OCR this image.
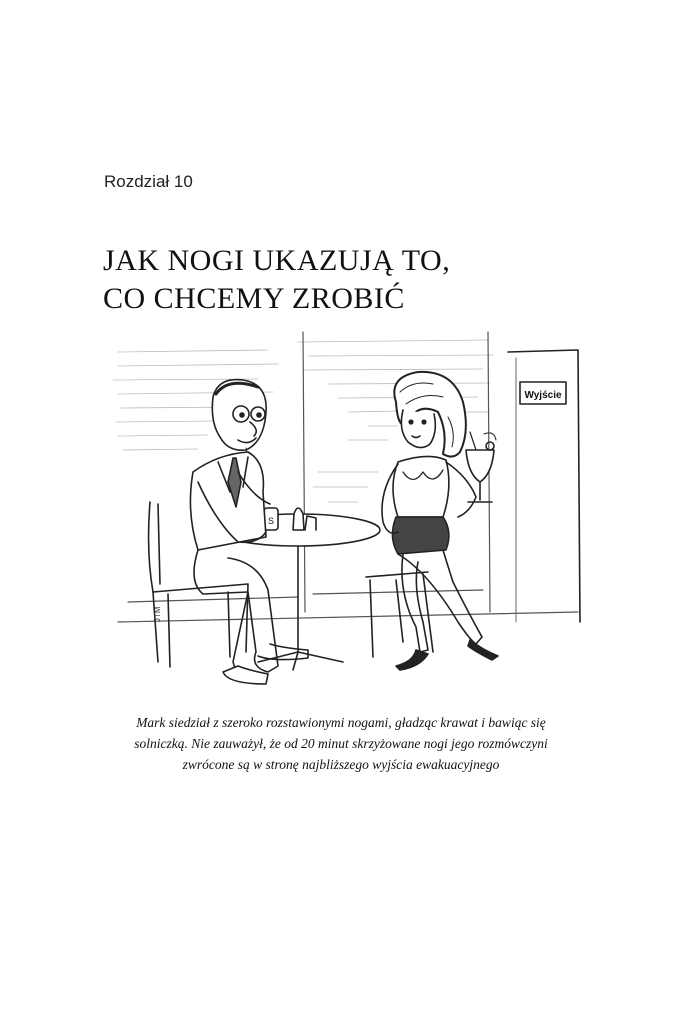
Rozdział 10
JAK NOGI UKAZUJĄ TO,
CO CHCEMY ZROBIĆ
Wyjście
S
JTM

Mark siedział z szeroko rozstawionymi nogami, gładząc krawat i bawiąc się
solniczką. Nie zauważył, że od 20 minut skrzyżowane nogi jego rozmówczyni
zwrócone są w stronę najbliższego wyjścia ewakuacyjnego
